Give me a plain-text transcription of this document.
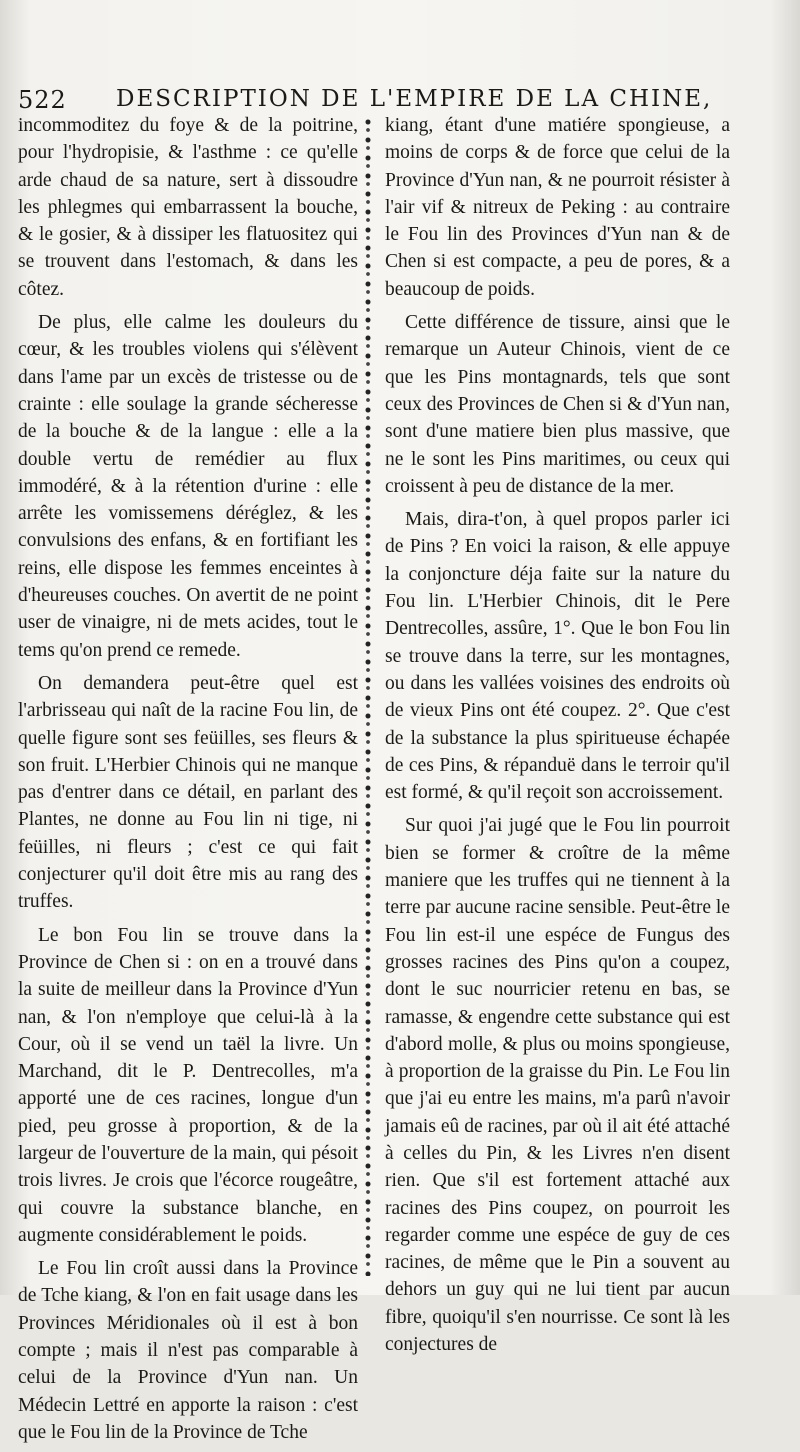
522 DESCRIPTION DE L'EMPIRE DE LA CHINE,

incommoditez du foye & de la poitrine, pour l'hydropisie, & l'asthme : ce qu'elle arde chaud de sa nature, sert à dissoudre les phlegmes qui embarrassent la bouche, & le gosier, & à dissiper les flatuositez qui se trouvent dans l'estomach, & dans les côtez.

De plus, elle calme les douleurs du cœur, & les troubles violens qui s'élèvent dans l'ame par un excès de tristesse ou de crainte : elle soulage la grande sécheresse de la bouche & de la langue : elle a la double vertu de remédier au flux immodéré, & à la rétention d'urine : elle arrête les vomissemens déréglez, & les convulsions des enfans, & en fortifiant les reins, elle dispose les femmes enceintes à d'heureuses couches. On avertit de ne point user de vinaigre, ni de mets acides, tout le tems qu'on prend ce remede.

On demandera peut-être quel est l'arbrisseau qui naît de la racine Fou lin, de quelle figure sont ses feüilles, ses fleurs & son fruit. L'Herbier Chinois qui ne manque pas d'entrer dans ce détail, en parlant des Plantes, ne donne au Fou lin ni tige, ni feüilles, ni fleurs ; c'est ce qui fait conjecturer qu'il doit être mis au rang des truffes.

Le bon Fou lin se trouve dans la Province de Chen si : on en a trouvé dans la suite de meilleur dans la Province d'Yun nan, & l'on n'employe que celui-là à la Cour, où il se vend un taël la livre. Un Marchand, dit le P. Dentrecolles, m'a apporté une de ces racines, longue d'un pied, peu grosse à proportion, & de la largeur de l'ouverture de la main, qui pésoit trois livres. Je crois que l'écorce rougeâtre, qui couvre la substance blanche, en augmente considérablement le poids.

Le Fou lin croît aussi dans la Province de Tche kiang, & l'on en fait usage dans les Provinces Méridionales où il est à bon compte ; mais il n'est pas comparable à celui de la Province d'Yun nan. Un Médecin Lettré en apporte la raison : c'est que le Fou lin de la Province de Tche

kiang, étant d'une matiére spongieuse, a moins de corps & de force que celui de la Province d'Yun nan, & ne pourroit résister à l'air vif & nitreux de Peking : au contraire le Fou lin des Provinces d'Yun nan & de Chen si est compacte, a peu de pores, & a beaucoup de poids.

Cette différence de tissure, ainsi que le remarque un Auteur Chinois, vient de ce que les Pins montagnards, tels que sont ceux des Provinces de Chen si & d'Yun nan, sont d'une matiere bien plus massive, que ne le sont les Pins maritimes, ou ceux qui croissent à peu de distance de la mer.

Mais, dira-t'on, à quel propos parler ici de Pins ? En voici la raison, & elle appuye la conjoncture déja faite sur la nature du Fou lin. L'Herbier Chinois, dit le Pere Dentrecolles, assûre, 1°. Que le bon Fou lin se trouve dans la terre, sur les montagnes, ou dans les vallées voisines des endroits où de vieux Pins ont été coupez. 2°. Que c'est de la substance la plus spiritueuse échapée de ces Pins, & répanduë dans le terroir qu'il est formé, & qu'il reçoit son accroissement.

Sur quoi j'ai jugé que le Fou lin pourroit bien se former & croître de la même maniere que les truffes qui ne tiennent à la terre par aucune racine sensible. Peut-être le Fou lin est-il une espéce de Fungus des grosses racines des Pins qu'on a coupez, dont le suc nourricier retenu en bas, se ramasse, & engendre cette substance qui est d'abord molle, & plus ou moins spongieuse, à proportion de la graisse du Pin. Le Fou lin que j'ai eu entre les mains, m'a parû n'avoir jamais eû de racines, par où il ait été attaché à celles du Pin, & les Livres n'en disent rien. Que s'il est fortement attaché aux racines des Pins coupez, on pourroit les regarder comme une espéce de guy de ces racines, de même que le Pin a souvent au dehors un guy qui ne lui tient par aucun fibre, quoiqu'il s'en nourrisse. Ce sont là les conjectures de
